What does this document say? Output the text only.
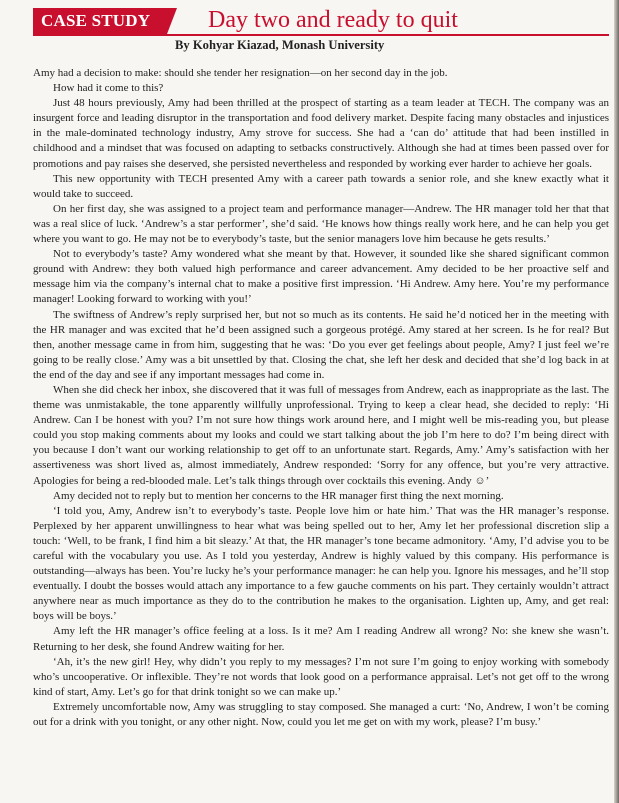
CASE STUDY	Day two and ready to quit
By Kohyar Kiazad, Monash University

Amy had a decision to make: should she tender her resignation—on her second day in the job.

How had it come to this?

Just 48 hours previously, Amy had been thrilled at the prospect of starting as a team leader at TECH. The company was an insurgent force and leading disruptor in the transportation and food delivery market. Despite facing many obstacles and injustices in the male-dominated technology industry, Amy strove for success. She had a ‘can do’ attitude that had been instilled in childhood and a mindset that was focused on adapting to setbacks constructively. Although she had at times been passed over for promotions and pay raises she deserved, she persisted nevertheless and responded by working ever harder to achieve her goals.

This new opportunity with TECH presented Amy with a career path towards a senior role, and she knew exactly what it would take to succeed.

On her first day, she was assigned to a project team and performance manager—Andrew. The HR manager told her that that was a real slice of luck. ‘Andrew’s a star performer’, she’d said. ‘He knows how things really work here, and he can help you get where you want to go. He may not be to everybody’s taste, but the senior managers love him because he gets results.’

Not to everybody’s taste? Amy wondered what she meant by that. However, it sounded like she shared significant common ground with Andrew: they both valued high performance and career advancement. Amy decided to be her proactive self and message him via the company’s internal chat to make a positive first impression. ‘Hi Andrew. Amy here. You’re my performance manager! Looking forward to working with you!’

The swiftness of Andrew’s reply surprised her, but not so much as its contents. He said he’d noticed her in the meeting with the HR manager and was excited that he’d been assigned such a gorgeous protégé. Amy stared at her screen. Is he for real? But then, another message came in from him, suggesting that he was: ‘Do you ever get feelings about people, Amy? I just feel we’re going to be really close.’ Amy was a bit unsettled by that. Closing the chat, she left her desk and decided that she’d log back in at the end of the day and see if any important messages had come in.

When she did check her inbox, she discovered that it was full of messages from Andrew, each as inappropriate as the last. The theme was unmistakable, the tone apparently willfully unprofessional. Trying to keep a clear head, she decided to reply: ‘Hi Andrew. Can I be honest with you? I’m not sure how things work around here, and I might well be mis-reading you, but please could you stop making comments about my looks and could we start talking about the job I’m here to do? I’m being direct with you because I don’t want our working relationship to get off to an unfortunate start. Regards, Amy.’ Amy’s satisfaction with her assertiveness was short lived as, almost immediately, Andrew responded: ‘Sorry for any offence, but you’re very attractive. Apologies for being a red-blooded male. Let’s talk things through over cocktails this evening. Andy ☺’

Amy decided not to reply but to mention her concerns to the HR manager first thing the next morning.

‘I told you, Amy, Andrew isn’t to everybody’s taste. People love him or hate him.’ That was the HR manager’s response. Perplexed by her apparent unwillingness to hear what was being spelled out to her, Amy let her professional discretion slip a touch: ‘Well, to be frank, I find him a bit sleazy.’ At that, the HR manager’s tone became admonitory. ‘Amy, I’d advise you to be careful with the vocabulary you use. As I told you yesterday, Andrew is highly valued by this company. His performance is outstanding—always has been. You’re lucky he’s your performance manager: he can help you. Ignore his messages, and he’ll stop eventually. I doubt the bosses would attach any importance to a few gauche comments on his part. They certainly wouldn’t attract anywhere near as much importance as they do to the contribution he makes to the organisation. Lighten up, Amy, and get real: boys will be boys.’

Amy left the HR manager’s office feeling at a loss. Is it me? Am I reading Andrew all wrong? No: she knew she wasn’t. Returning to her desk, she found Andrew waiting for her.

‘Ah, it’s the new girl! Hey, why didn’t you reply to my messages? I’m not sure I’m going to enjoy working with somebody who’s uncooperative. Or inflexible. They’re not words that look good on a performance appraisal. Let’s not get off to the wrong kind of start, Amy. Let’s go for that drink tonight so we can make up.’

Extremely uncomfortable now, Amy was struggling to stay composed. She managed a curt: ‘No, Andrew, I won’t be coming out for a drink with you tonight, or any other night. Now, could you let me get on with my work, please? I’m busy.’
